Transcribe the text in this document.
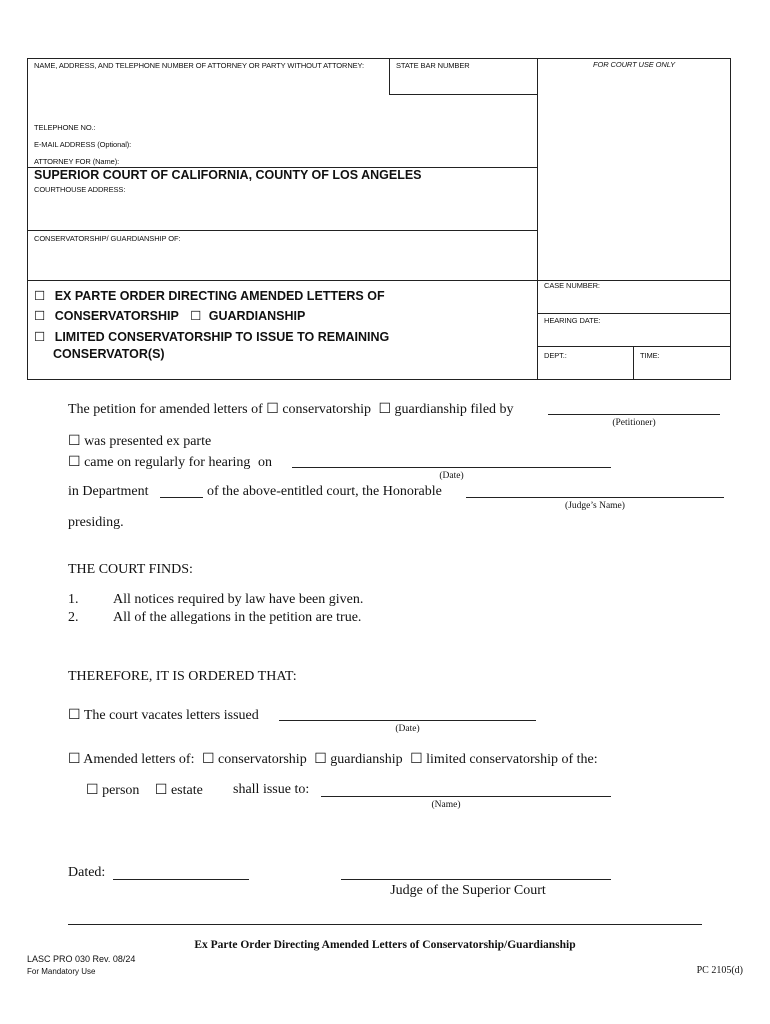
NAME, ADDRESS, AND TELEPHONE NUMBER OF ATTORNEY OR PARTY WITHOUT ATTORNEY:	STATE BAR NUMBER	FOR COURT USE ONLY
TELEPHONE NO.:
E-MAIL ADDRESS (Optional):
ATTORNEY FOR (Name):
SUPERIOR COURT OF CALIFORNIA, COUNTY OF LOS ANGELES
COURTHOUSE ADDRESS:
CONSERVATORSHIP/ GUARDIANSHIP OF:
CASE NUMBER:
HEARING DATE:
DEPT.:	TIME:
☐ EX PARTE ORDER DIRECTING AMENDED LETTERS OF
☐ CONSERVATORSHIP ☐ GUARDIANSHIP
☐ LIMITED CONSERVATORSHIP TO ISSUE TO REMAINING
CONSERVATOR(S)
The petition for amended letters of ☐ conservatorship ☐ guardianship filed by
(Petitioner)
☐ was presented ex parte
☐ came on regularly for hearing on
(Date)
in Department	of the above-entitled court, the Honorable
(Judge’s Name)
presiding.
THE COURT FINDS:
1. All notices required by law have been given.
2. All of the allegations in the petition are true.
THEREFORE, IT IS ORDERED THAT:
☐ The court vacates letters issued
(Date)
☐ Amended letters of: ☐ conservatorship ☐ guardianship ☐ limited conservatorship of the:
☐ person ☐ estate shall issue to:
(Name)
Dated:
Judge of the Superior Court
Ex Parte Order Directing Amended Letters of Conservatorship/Guardianship
LASC PRO 030 Rev. 08/24
For Mandatory Use	PC 2105(d)
